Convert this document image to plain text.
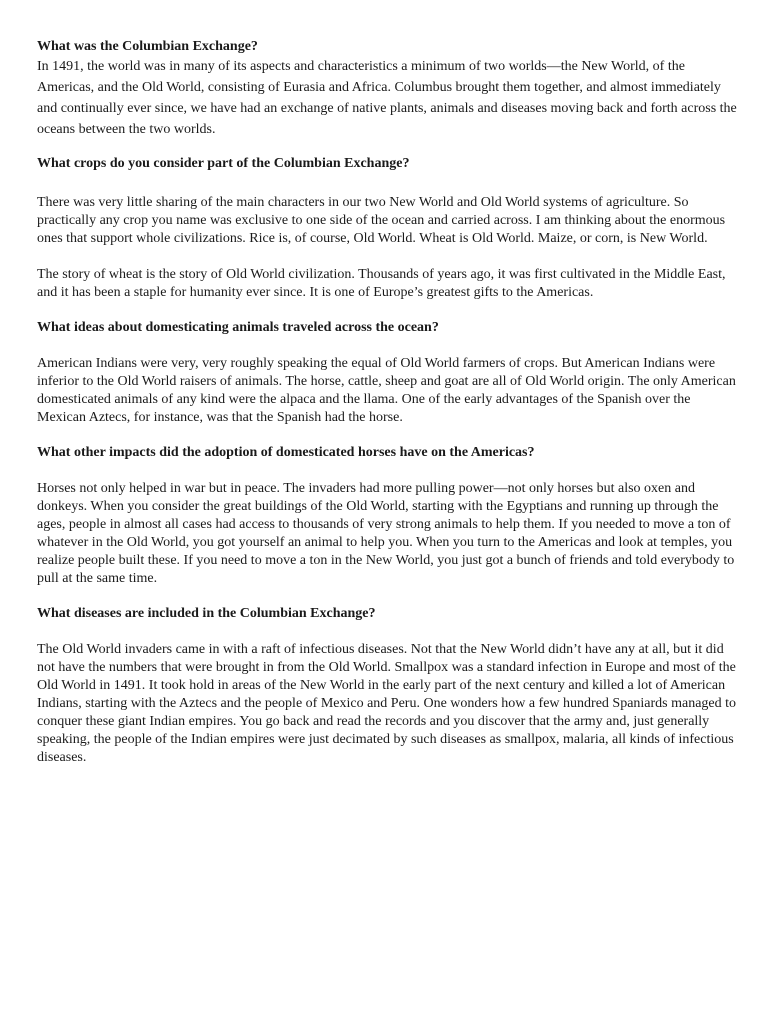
What was the Columbian Exchange?

In 1491, the world was in many of its aspects and characteristics a minimum of two worlds—the New World, of the Americas, and the Old World, consisting of Eurasia and Africa. Columbus brought them together, and almost immediately and continually ever since, we have had an exchange of native plants, animals and diseases moving back and forth across the oceans between the two worlds.

What crops do you consider part of the Columbian Exchange?

There was very little sharing of the main characters in our two New World and Old World systems of agriculture. So practically any crop you name was exclusive to one side of the ocean and carried across. I am thinking about the enormous ones that support whole civilizations. Rice is, of course, Old World. Wheat is Old World. Maize, or corn, is New World.

The story of wheat is the story of Old World civilization. Thousands of years ago, it was first cultivated in the Middle East, and it has been a staple for humanity ever since. It is one of Europe’s greatest gifts to the Americas.

What ideas about domesticating animals traveled across the ocean?

American Indians were very, very roughly speaking the equal of Old World farmers of crops. But American Indians were inferior to the Old World raisers of animals. The horse, cattle, sheep and goat are all of Old World origin. The only American domesticated animals of any kind were the alpaca and the llama. One of the early advantages of the Spanish over the Mexican Aztecs, for instance, was that the Spanish had the horse.

What other impacts did the adoption of domesticated horses have on the Americas?

Horses not only helped in war but in peace. The invaders had more pulling power—not only horses but also oxen and donkeys. When you consider the great buildings of the Old World, starting with the Egyptians and running up through the ages, people in almost all cases had access to thousands of very strong animals to help them. If you needed to move a ton of whatever in the Old World, you got yourself an animal to help you. When you turn to the Americas and look at temples, you realize people built these. If you need to move a ton in the New World, you just got a bunch of friends and told everybody to pull at the same time.

What diseases are included in the Columbian Exchange?

The Old World invaders came in with a raft of infectious diseases. Not that the New World didn’t have any at all, but it did not have the numbers that were brought in from the Old World. Smallpox was a standard infection in Europe and most of the Old World in 1491. It took hold in areas of the New World in the early part of the next century and killed a lot of American Indians, starting with the Aztecs and the people of Mexico and Peru. One wonders how a few hundred Spaniards managed to conquer these giant Indian empires. You go back and read the records and you discover that the army and, just generally speaking, the people of the Indian empires were just decimated by such diseases as smallpox, malaria, all kinds of infectious diseases.
